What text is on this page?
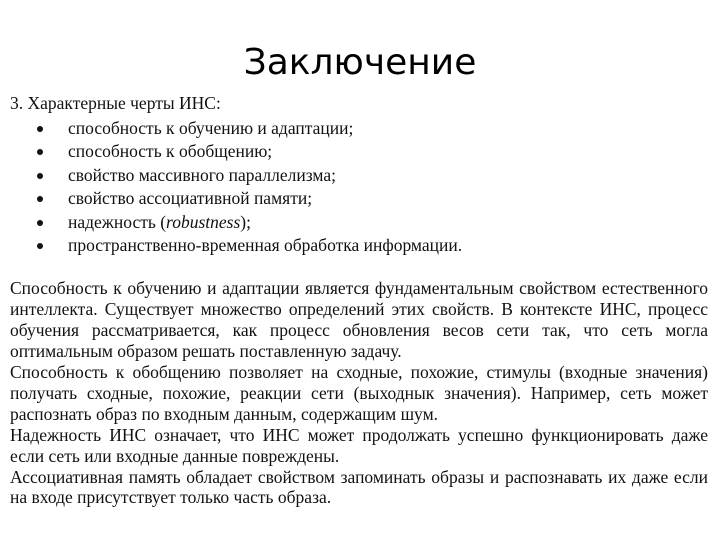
Заключение

3. Характерные черты ИНС:

способность к обучению и адаптации;
способность к обобщению;
свойство массивного параллелизма;
свойство ассоциативной памяти;
надежность (robustness);
пространственно-временная обработка информации.

Способность к обучению и адаптации является фундаментальным свойством естественного интеллекта. Существует множество определений этих свойств. В контексте ИНС, процесс обучения рассматривается, как процесс обновления весов сети так, что сеть могла оптимальным образом решать поставленную задачу.

Способность к обобщению позволяет на сходные, похожие, стимулы (входные значения) получать сходные, похожие, реакции сети (выходнык значения). Например, сеть может распознать образ по входным данным, содержащим шум.

Надежность ИНС означает, что ИНС может продолжать успешно функционировать даже если сеть или входные данные повреждены.

Ассоциативная память обладает свойством запоминать образы и распознавать их даже если на входе присутствует только часть образа.
